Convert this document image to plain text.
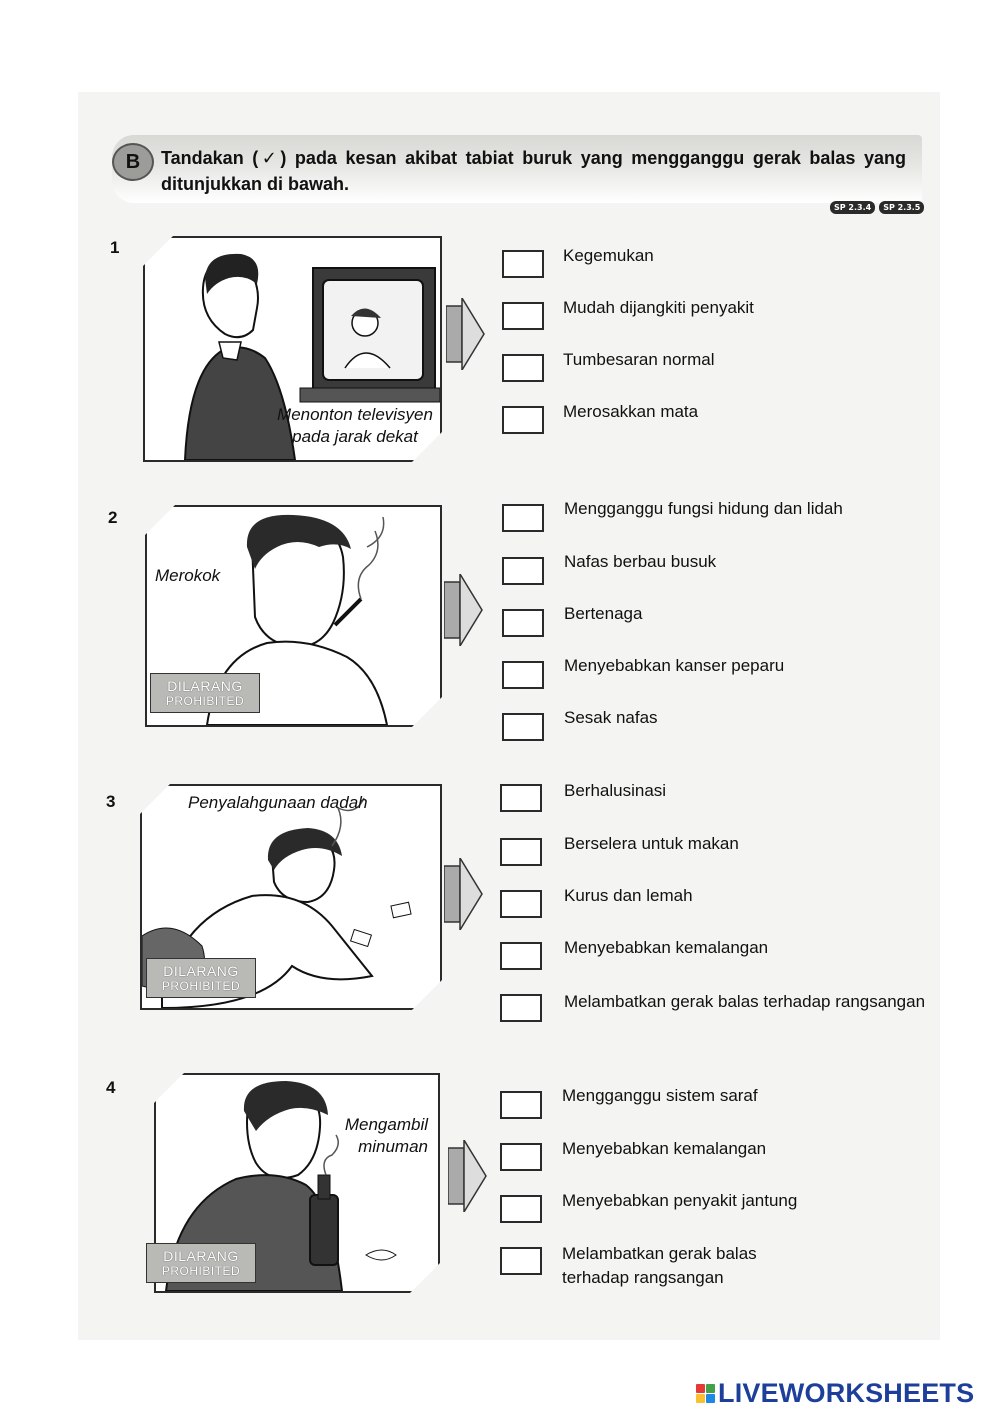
B	Tandakan (✓) pada kesan akibat tabiat buruk yang mengganggu gerak balas yang ditunjukkan di bawah.
SP 2.3.4	SP 2.3.5
1
Menonton televisyen pada jarak dekat
Kegemukan
Mudah dijangkiti penyakit
Tumbesaran normal
Merosakkan mata
2
Merokok
DILARANG
PROHIBITED
Mengganggu fungsi hidung dan lidah
Nafas berbau busuk
Bertenaga
Menyebabkan kanser peparu
Sesak nafas
3	Penyalahgunaan dadah
DILARANG
PROHIBITED
Berhalusinasi
Berselera untuk makan
Kurus dan lemah
Menyebabkan kemalangan
Melambatkan gerak balas terhadap rangsangan
4
Mengambil minuman
DILARANG
PROHIBITED
Mengganggu sistem saraf
Menyebabkan kemalangan
Menyebabkan penyakit jantung
Melambatkan gerak balas terhadap rangsangan
LIVEWORKSHEETS
